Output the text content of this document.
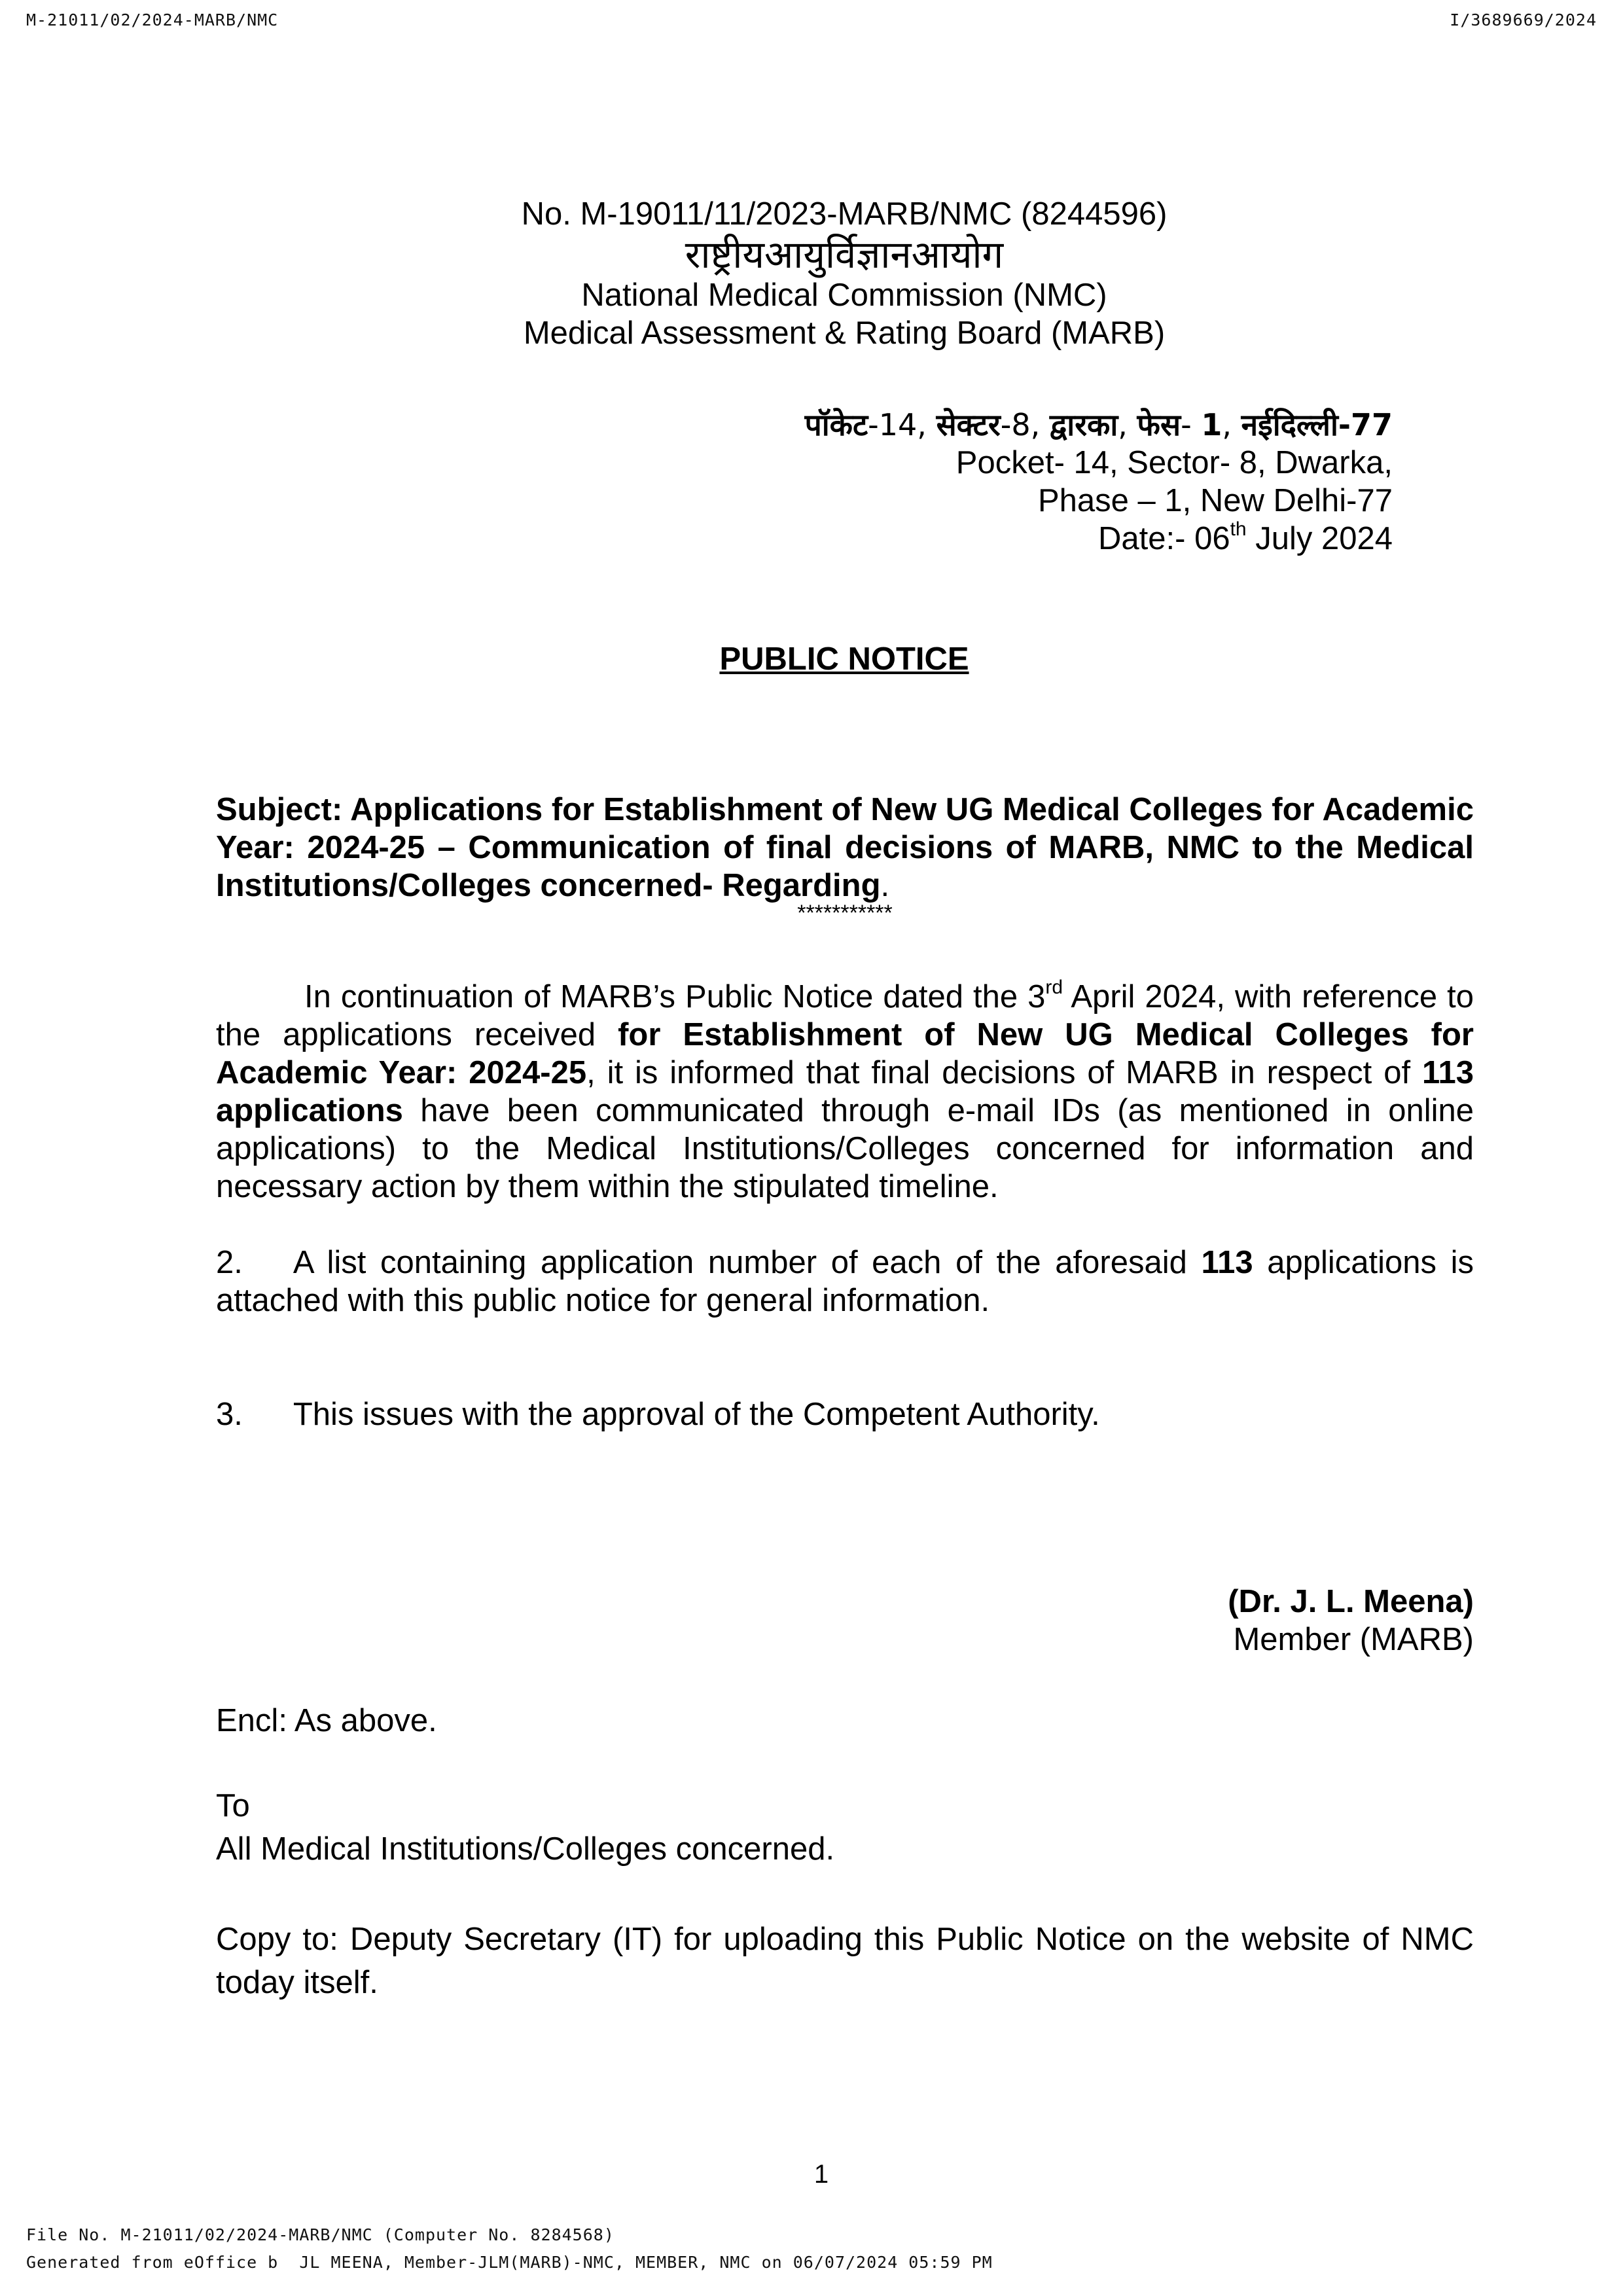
M-21011/02/2024-MARB/NMC	I/3689669/2024

No. M-19011/11/2023-MARB/NMC (8244596)

राष्ट्रीयआयुर्विज्ञानआयोग

National Medical Commission (NMC)

Medical Assessment & Rating Board (MARB)

पॉकेट-14, सेक्टर-8, द्वारका, फेस- 1, नईदिल्ली-77

Pocket- 14, Sector- 8, Dwarka,

Phase – 1, New Delhi-77

Date:- 06th July 2024

PUBLIC NOTICE

Subject: Applications for Establishment of New UG Medical Colleges for Academic Year: 2024-25 – Communication of final decisions of MARB, NMC to the Medical Institutions/Colleges concerned- Regarding.

***********

In continuation of MARB’s Public Notice dated the 3rd April 2024, with reference to the applications received for Establishment of New UG Medical Colleges for Academic Year: 2024-25, it is informed that final decisions of MARB in respect of 113 applications have been communicated through e-mail IDs (as mentioned in online applications) to the Medical Institutions/Colleges concerned for information and necessary action by them within the stipulated timeline.

2. A list containing application number of each of the aforesaid 113 applications is attached with this public notice for general information.

3. This issues with the approval of the Competent Authority.

(Dr. J. L. Meena)

Member (MARB)

Encl: As above.

To

All Medical Institutions/Colleges concerned.

Copy to: Deputy Secretary (IT) for uploading this Public Notice on the website of NMC today itself.

1
File No. M-21011/02/2024-MARB/NMC (Computer No. 8284568)
Generated from eOffice b  JL MEENA, Member-JLM(MARB)-NMC, MEMBER, NMC on 06/07/2024 05:59 PM
